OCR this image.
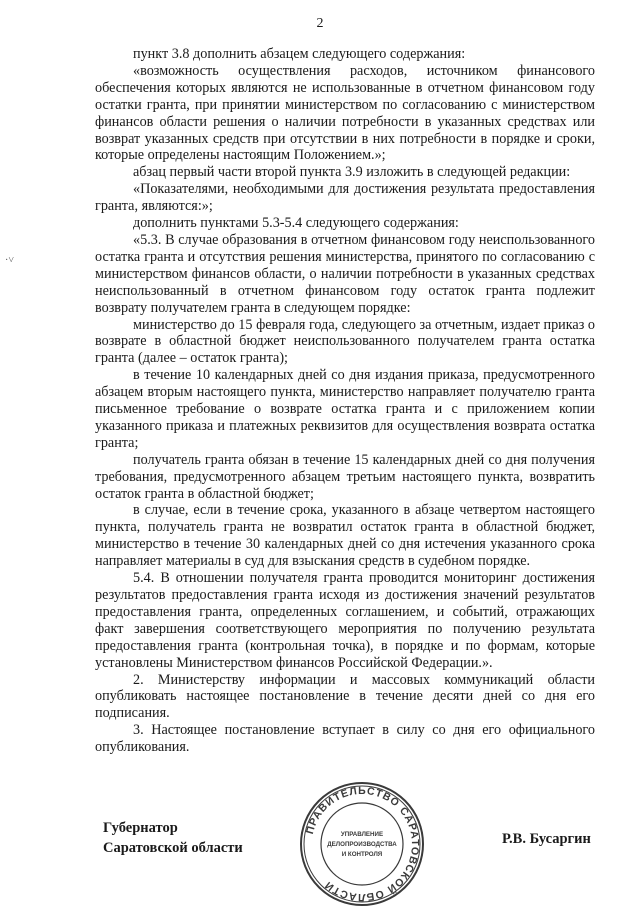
2
·˅

пункт 3.8 дополнить абзацем следующего содержания:

«возможность осуществления расходов, источником финансового обеспечения которых являются не использованные в отчетном финансовом году остатки гранта, при принятии министерством по согласованию с министерством финансов области решения о наличии потребности в указанных средствах или возврат указанных средств при отсутствии в них потребности в порядке и сроки, которые определены настоящим Положением.»;

абзац первый части второй пункта 3.9 изложить в следующей редакции:

«Показателями, необходимыми для достижения результата предоставления гранта, являются:»;

дополнить пунктами 5.3-5.4 следующего содержания:

«5.3. В случае образования в отчетном финансовом году неиспользованного остатка гранта и отсутствия решения министерства, принятого по согласованию с министерством финансов области, о наличии потребности в указанных средствах неиспользованный в отчетном финансовом году остаток гранта подлежит возврату получателем гранта в следующем порядке:

министерство до 15 февраля года, следующего за отчетным, издает приказ о возврате в областной бюджет неиспользованного получателем гранта остатка гранта (далее – остаток гранта);

в течение 10 календарных дней со дня издания приказа, предусмотренного абзацем вторым настоящего пункта, министерство направляет получателю гранта письменное требование о возврате остатка гранта и с приложением копии указанного приказа и платежных реквизитов для осуществления возврата остатка гранта;

получатель гранта обязан в течение 15 календарных дней со дня получения требования, предусмотренного абзацем третьим настоящего пункта, возвратить остаток гранта в областной бюджет;

в случае, если в течение срока, указанного в абзаце четвертом настоящего пункта, получатель гранта не возвратил остаток гранта в областной бюджет, министерство в течение 30 календарных дней со дня истечения указанного срока направляет материалы в суд для взыскания средств в судебном порядке.

5.4. В отношении получателя гранта проводится мониторинг достижения результатов предоставления гранта исходя из достижения значений результатов предоставления гранта, определенных соглашением, и событий, отражающих факт завершения соответствующего мероприятия по получению результата предоставления гранта (контрольная точка), в порядке и по формам, которые установлены Министерством финансов Российской Федерации.».

2. Министерству информации и массовых коммуникаций области опубликовать настоящее постановление в течение десяти дней со дня его подписания.

3. Настоящее постановление вступает в силу со дня его официального опубликования.

Губернатор
Саратовской области
Р.В. Бусаргин
ПРАВИТЕЛЬСТВО САРАТОВСКОЙ ОБЛАСТИ
УПРАВЛЕНИЕ
ДЕЛОПРОИЗВОДСТВА
И КОНТРОЛЯ
